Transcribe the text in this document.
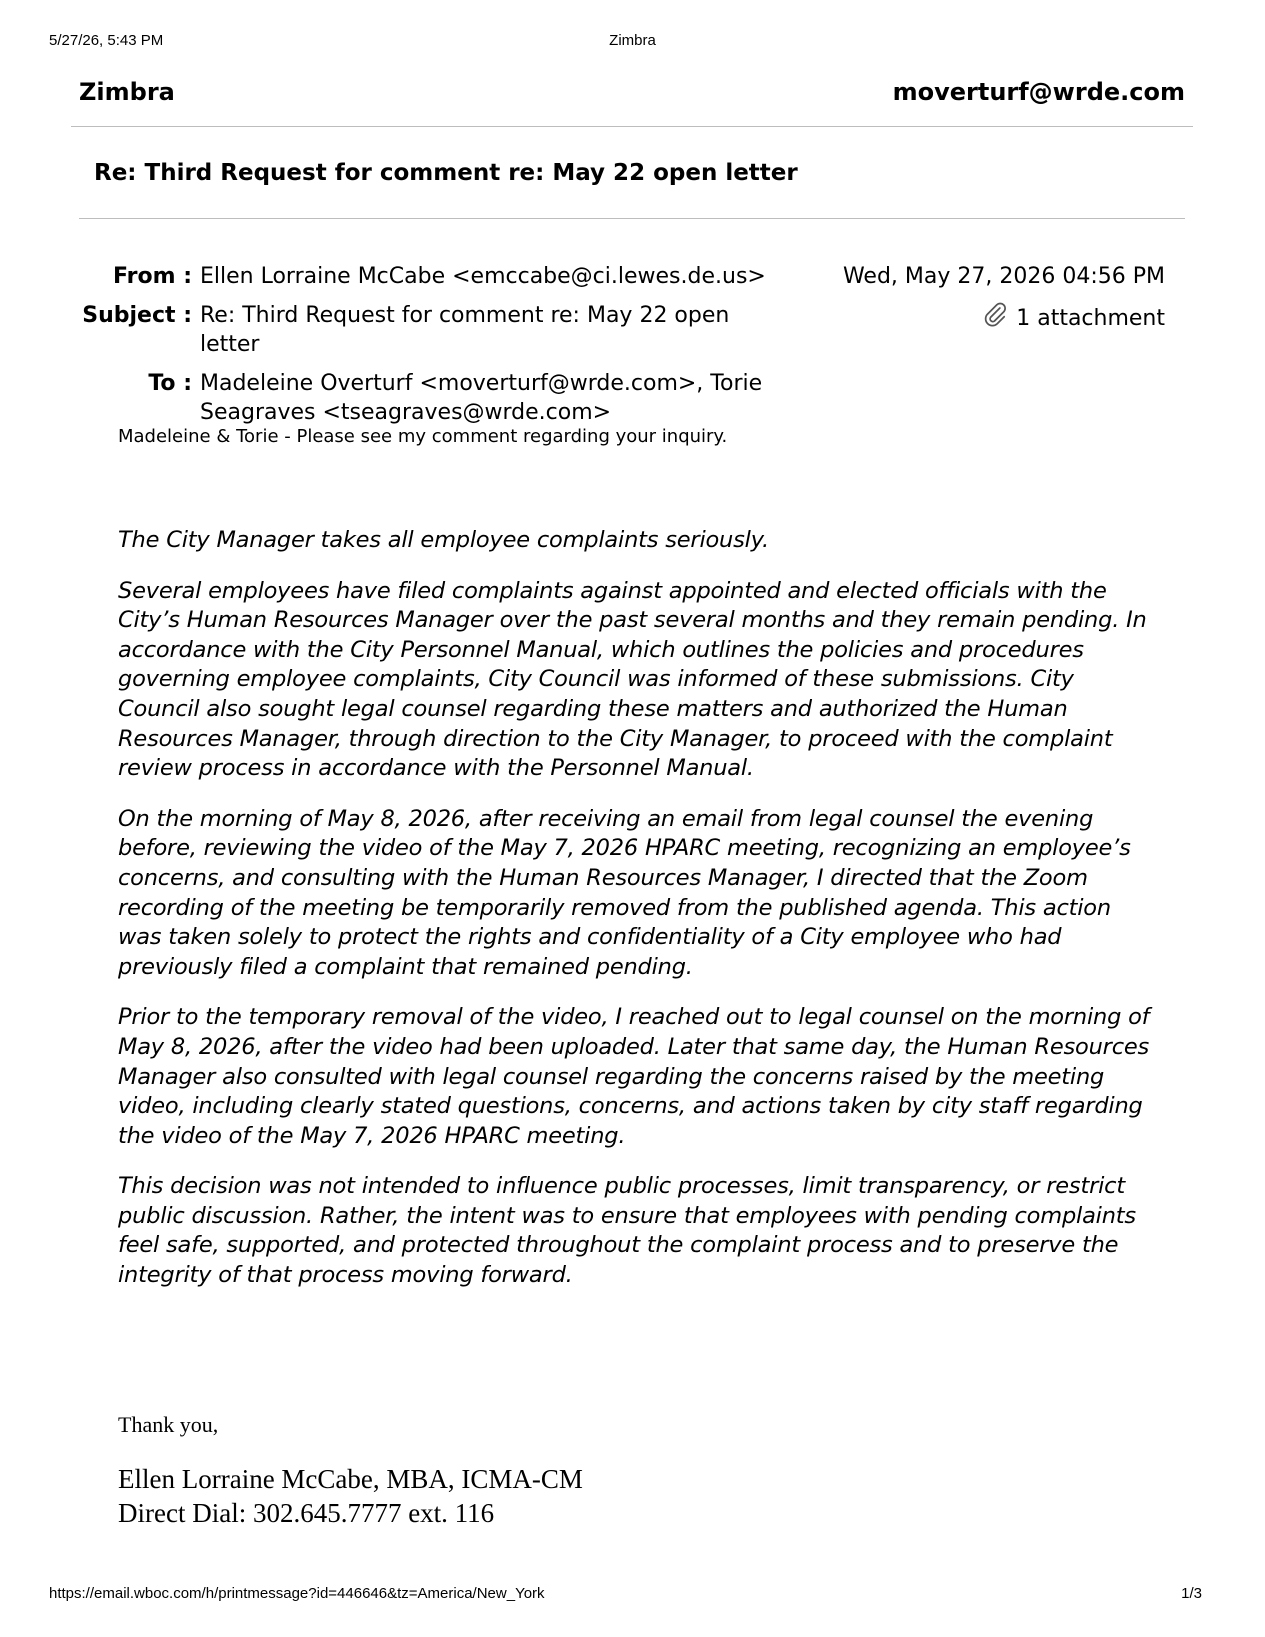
5/27/26, 5:43 PM	Zimbra
Zimbra	moverturf@wrde.com
Re: Third Request for comment re: May 22 open letter
From : Ellen Lorraine McCabe <emccabe@ci.lewes.de.us>
Subject : Re: Third Request for comment re: May 22 open letter
To : Madeleine Overturf <moverturf@wrde.com>, Torie Seagraves <tseagraves@wrde.com>
Wed, May 27, 2026 04:56 PM
1 attachment
Madeleine & Torie - Please see my comment regarding your inquiry.

The City Manager takes all employee complaints seriously.

Several employees have filed complaints against appointed and elected officials with the City’s Human Resources Manager over the past several months and they remain pending. In accordance with the City Personnel Manual, which outlines the policies and procedures governing employee complaints, City Council was informed of these submissions. City Council also sought legal counsel regarding these matters and authorized the Human Resources Manager, through direction to the City Manager, to proceed with the complaint review process in accordance with the Personnel Manual.

On the morning of May 8, 2026, after receiving an email from legal counsel the evening before, reviewing the video of the May 7, 2026 HPARC meeting, recognizing an employee’s concerns, and consulting with the Human Resources Manager, I directed that the Zoom recording of the meeting be temporarily removed from the published agenda. This action was taken solely to protect the rights and confidentiality of a City employee who had previously filed a complaint that remained pending.

Prior to the temporary removal of the video, I reached out to legal counsel on the morning of May 8, 2026, after the video had been uploaded. Later that same day, the Human Resources Manager also consulted with legal counsel regarding the concerns raised by the meeting video, including clearly stated questions, concerns, and actions taken by city staff regarding the video of the May 7, 2026 HPARC meeting.

This decision was not intended to influence public processes, limit transparency, or restrict public discussion. Rather, the intent was to ensure that employees with pending complaints feel safe, supported, and protected throughout the complaint process and to preserve the integrity of that process moving forward.

Thank you,
Ellen Lorraine McCabe, MBA, ICMA-CM
Direct Dial: 302.645.7777 ext. 116
https://email.wboc.com/h/printmessage?id=446646&tz=America/New_York	1/3
